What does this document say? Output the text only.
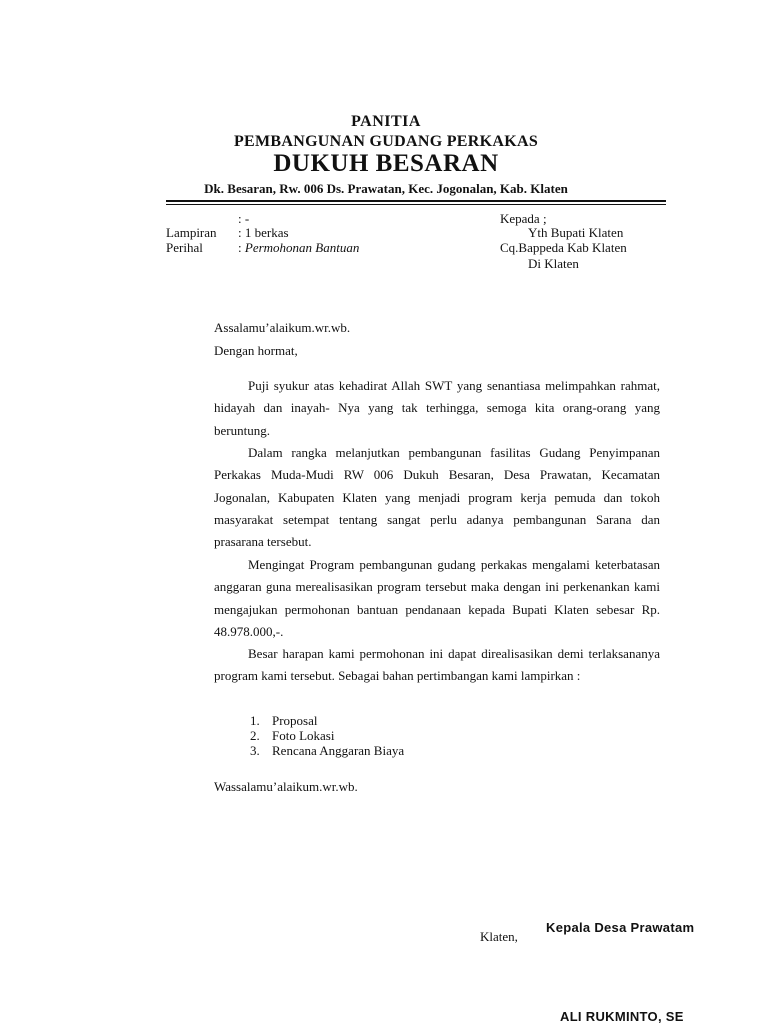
PANITIA
PEMBANGUNAN GUDANG PERKAKAS
DUKUH BESARAN
Dk. Besaran, Rw. 006 Ds. Prawatan, Kec. Jogonalan, Kab. Klaten
: -
Lampiran : 1 berkas
Perihal	: Permohonan Bantuan
Kepada ;
Yth Bupati Klaten
Cq.Bappeda Kab Klaten
Di Klaten
Assalamu’alaikum.wr.wb.
Dengan hormat,

Puji syukur atas kehadirat Allah SWT yang senantiasa melimpahkan rahmat, hidayah dan inayah- Nya yang tak terhingga, semoga kita orang-orang yang beruntung.

Dalam rangka melanjutkan pembangunan fasilitas Gudang Penyimpanan Perkakas Muda-Mudi RW 006 Dukuh Besaran, Desa Prawatan, Kecamatan Jogonalan, Kabupaten Klaten yang menjadi program kerja pemuda dan tokoh masyarakat setempat tentang sangat perlu adanya pembangunan Sarana dan prasarana tersebut.

Mengingat Program pembangunan gudang perkakas mengalami keterbatasan anggaran guna merealisasikan program tersebut maka dengan ini perkenankan kami mengajukan permohonan bantuan pendanaan kepada Bupati Klaten sebesar Rp. 48.978.000,-.

Besar harapan kami permohonan ini dapat direalisasikan demi terlaksananya program kami tersebut. Sebagai bahan pertimbangan kami lampirkan :

1. Proposal
2. Foto Lokasi
3. Rencana Anggaran Biaya
Wassalamu’alaikum.wr.wb.
Kepala Desa Prawatam
Klaten,
ALI RUKMINTO, SE
